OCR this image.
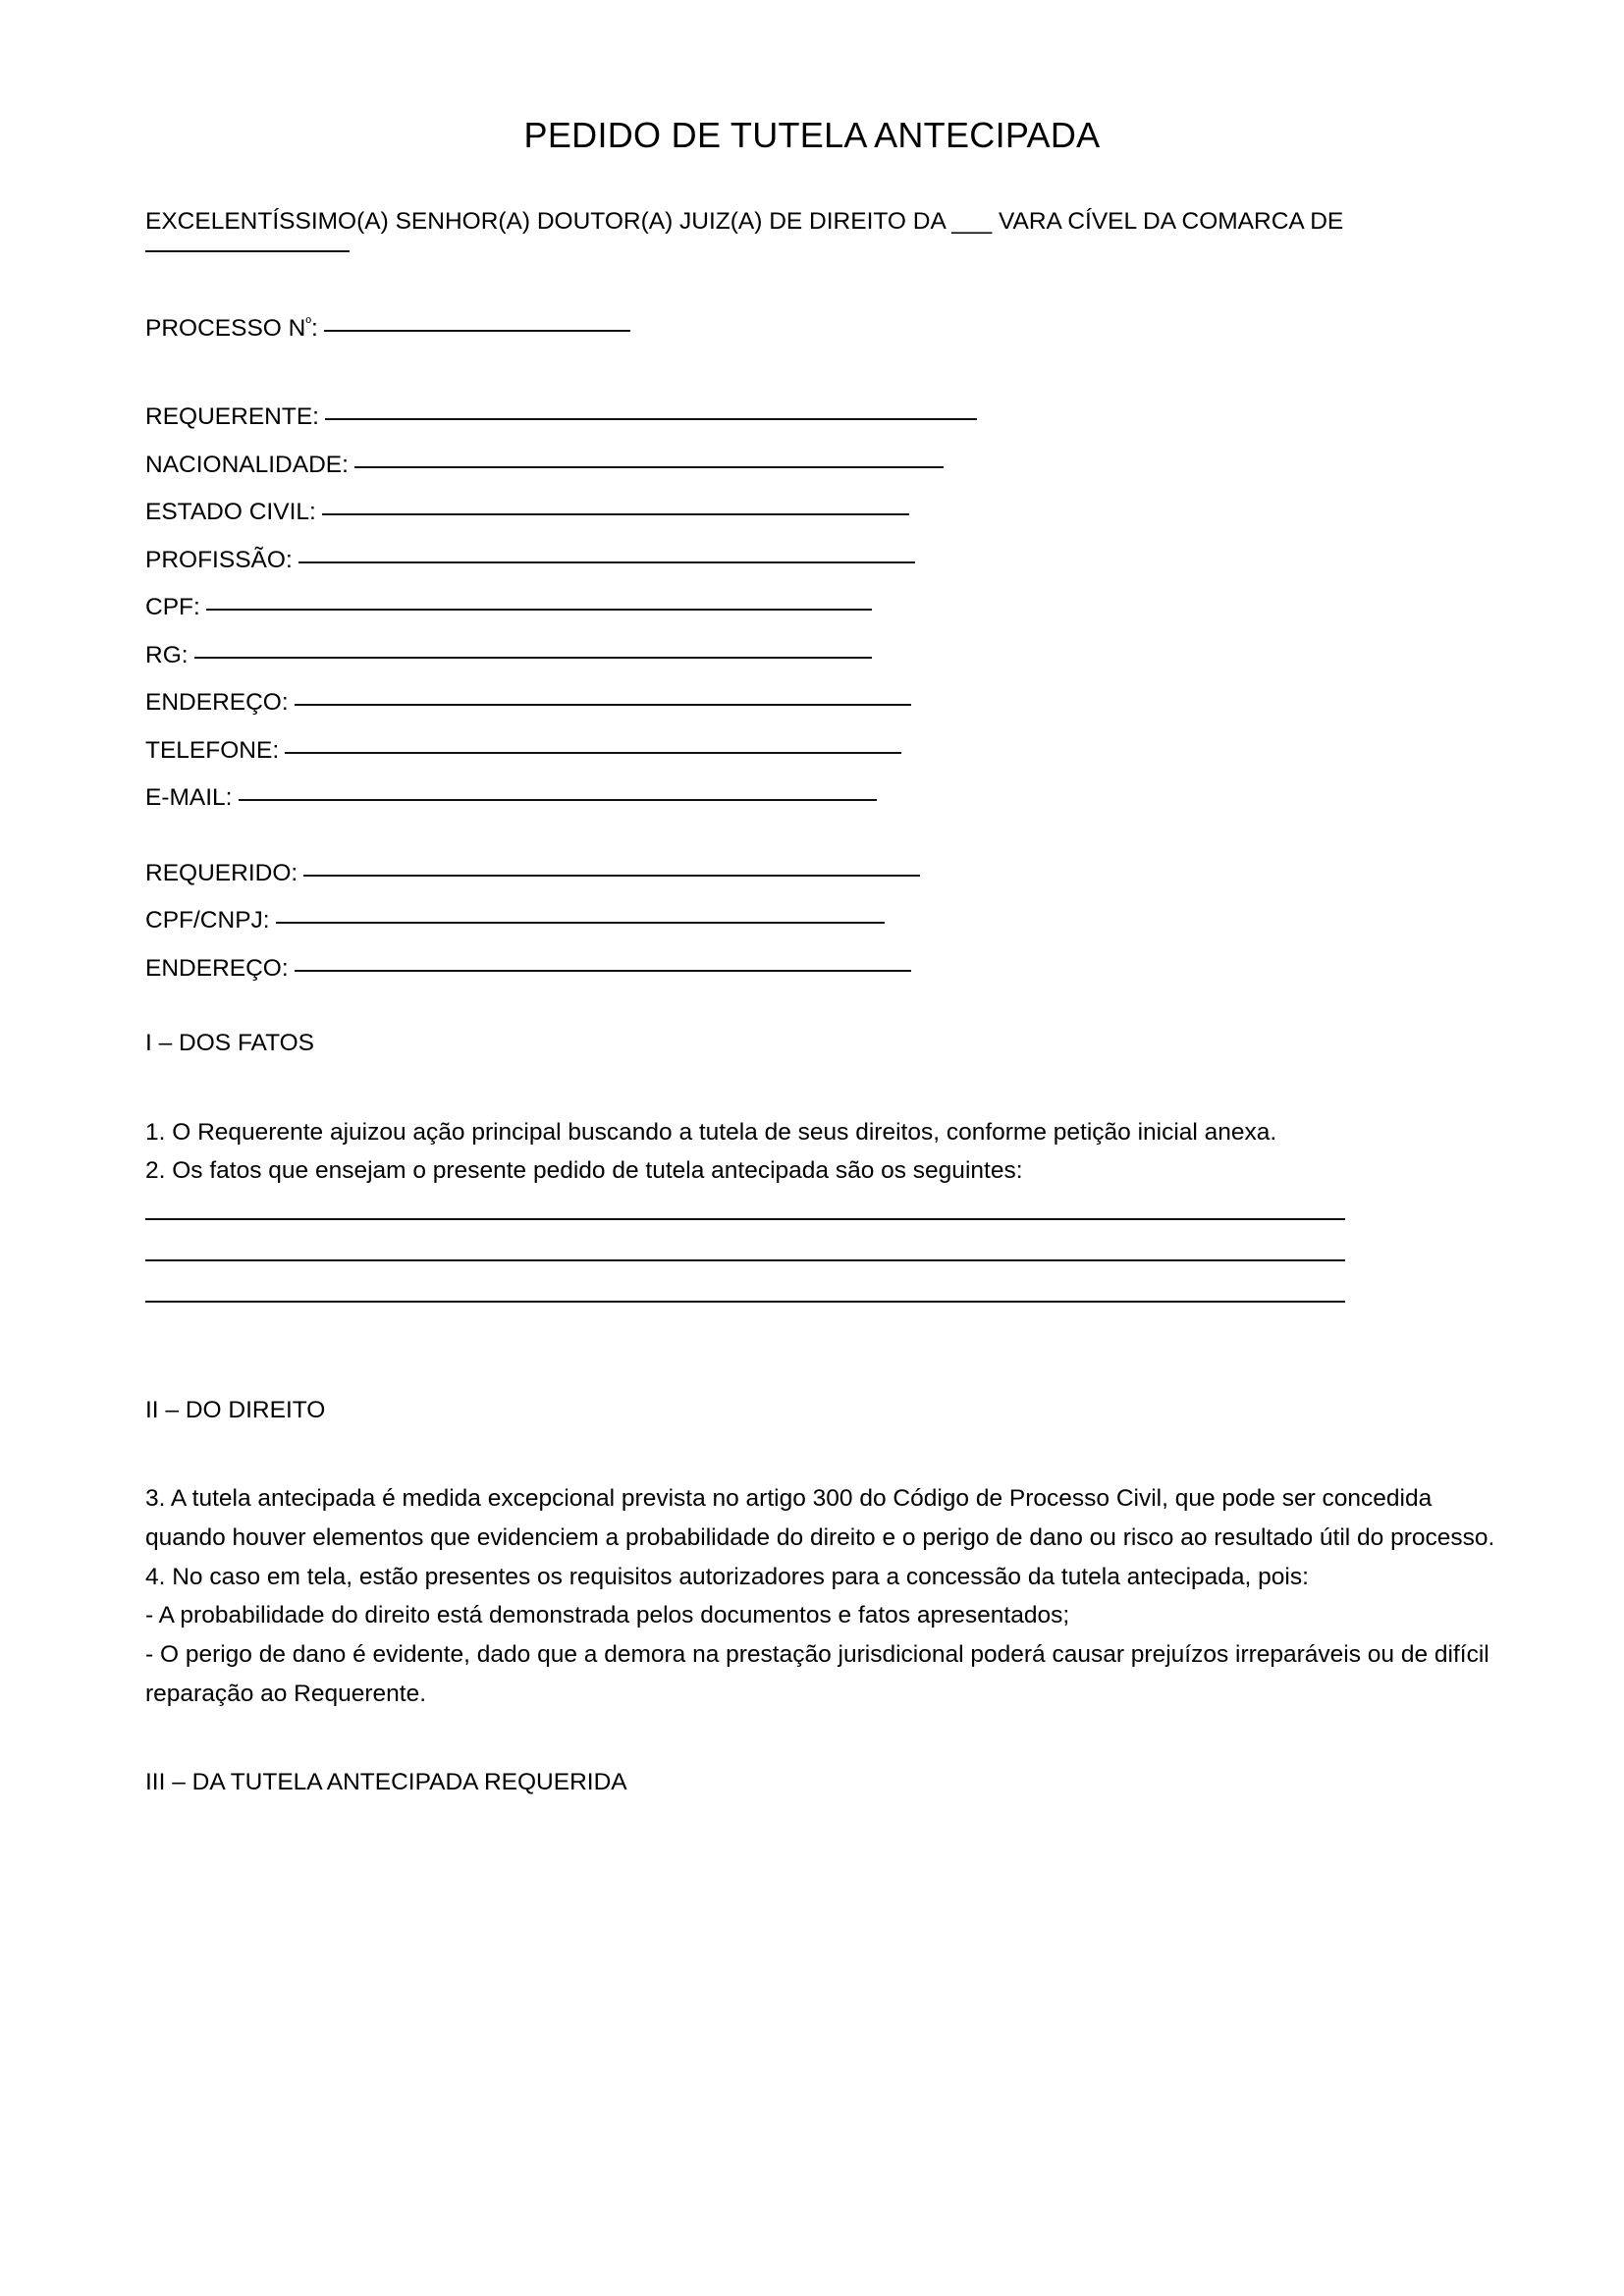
PEDIDO DE TUTELA ANTECIPADA
EXCELENTÍSSIMO(A) SENHOR(A) DOUTOR(A) JUIZ(A) DE DIREITO DA ___ VARA CÍVEL DA COMARCA DE
PROCESSO $N^º$:
REQUERENTE:
NACIONALIDADE:
ESTADO CIVIL:
PROFISSÃO:
CPF:
RG:
ENDEREÇO:
TELEFONE:
E-MAIL:
REQUERIDO:
CPF/CNPJ:
ENDEREÇO:
I – DOS FATOS

1. O Requerente ajuizou ação principal buscando a tutela de seus direitos, conforme petição inicial anexa.

2. Os fatos que ensejam o presente pedido de tutela antecipada são os seguintes:

II – DO DIREITO

3. A tutela antecipada é medida excepcional prevista no artigo 300 do Código de Processo Civil, que pode ser concedida quando houver elementos que evidenciem a probabilidade do direito e o perigo de dano ou risco ao resultado útil do processo.

4. No caso em tela, estão presentes os requisitos autorizadores para a concessão da tutela antecipada, pois:

- A probabilidade do direito está demonstrada pelos documentos e fatos apresentados;

- O perigo de dano é evidente, dado que a demora na prestação jurisdicional poderá causar prejuízos irreparáveis ou de difícil reparação ao Requerente.

III – DA TUTELA ANTECIPADA REQUERIDA
